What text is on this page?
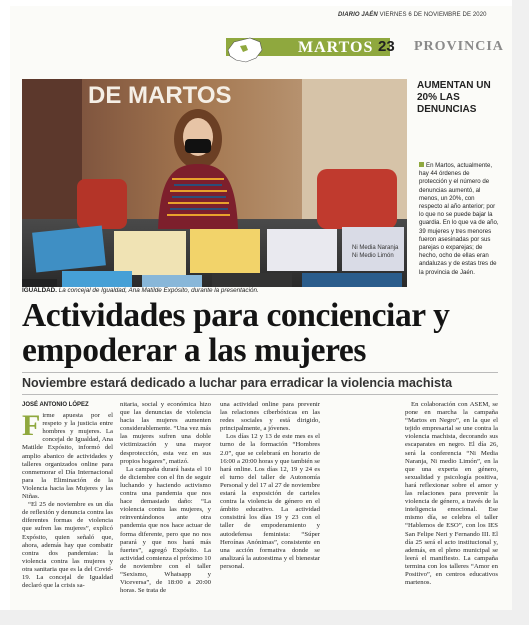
DIARIO JAÉN VIERNES 6 DE NOVIEMBRE DE 2020
MARTOS 23 PROVINCIA
DE MARTOS
Ni Media Naranja
Ni Medio Limón
IGUALDAD. La concejal de Igualdad, Ana Matilde Expósito, durante la presentación.

AUMENTAN UN 20% LAS DENUNCIAS

En Martos, actualmente, hay 44 órdenes de protección y el número de denuncias aumentó, al menos, un 20%, con respecto al año anterior; por lo que no se puede bajar la guardia. En lo que va de año, 39 mujeres y tres menores fueron asesinadas por sus parejas o exparejas; de hecho, ocho de ellas eran andaluzas y de estas tres de la provincia de Jaén.

Actividades para concienciar y empoderar a las mujeres
Noviembre estará dedicado a luchar para erradicar la violencia machista

JOSÉ ANTONIO LÓPEZ

F irme apuesta por el respeto y la justicia entre hombres y mujeres. La concejal de Igualdad, Ana Matilde Expósito, informó del amplio abanico de actividades y talleres organizados online para conmemorar el Día Internacional para la Eliminación de la Violencia hacia las Mujeres y las Niñas.

“El 25 de noviembre es un día de reflexión y denuncia contra las diferentes formas de violencia que sufren las mujeres”, explicó Expósito, quien señaló que, ahora, además hay que combatir contra dos pandemias: la violencia contra las mujeres y otra sanitaria que es la del Covid-19. La concejal de Igualdad declaró que la crisis sa-

nitaria, social y económica hizo que las denuncias de violencia hacia las mujeres aumenten considerablemente. “Una vez más las mujeres sufren una doble victimización y una mayor desprotección, esta vez en sus propios hogares”, matizó.

La campaña durará hasta el 10 de diciembre con el fin de seguir luchando y haciendo activismo contra una pandemia que nos hace demasiado daño: “La violencia contra las mujeres, y reinventándonos ante otra pandemia que nos hace actuar de forma diferente, pero que no nos parará y que nos hará más fuertes”, agregó Expósito. La actividad comienza el próximo 10 de noviembre con el taller “Sexismo, Whatsapp y Viceversa”, de 18:00 a 20:00 horas. Se trata de

una actividad online para prevenir las relaciones ciberbóxicas en las redes sociales y está dirigido, principalmente, a jóvenes.

Los días 12 y 13 de este mes es el turno de la formación “Hombres 2.0”, que se celebrará en horario de 16:00 a 20:00 horas y que también se hará online. Los días 12, 19 y 24 es el turno del taller de Autonomía Personal y del 17 al 27 de noviembre estará la exposición de carteles contra la violencia de género en el ámbito educativo. La actividad consistirá los días 19 y 23 con el taller de empoderamiento y autodefensa feminista: “Súper Heroínas Anónimas”, consistente en una acción formativa donde se analizará la autoestima y el bienestar personal.

En colaboración con ASEM, se pone en marcha la campaña “Martos en Negro”, en la que el tejido empresarial se une contra la violencia machista, decorando sus escaparates en negro. El día 26, será la conferencia “Ni Media Naranja, Ni medio Limón”, en la que una experta en género, sexualidad y psicología positiva, hará reflexionar sobre el amor y las relaciones para prevenir la violencia de género, a través de la inteligencia emocional. Ese mismo día, se celebra el taller “Hablemos de ESO”, con los IES San Felipe Neri y Fernando III. El día 25 será el acto institucional y, además, en el pleno municipal se leerá el manifiesto. La campaña termina con los talleres “Amor en Positivo”, en centros educativos martenos.
